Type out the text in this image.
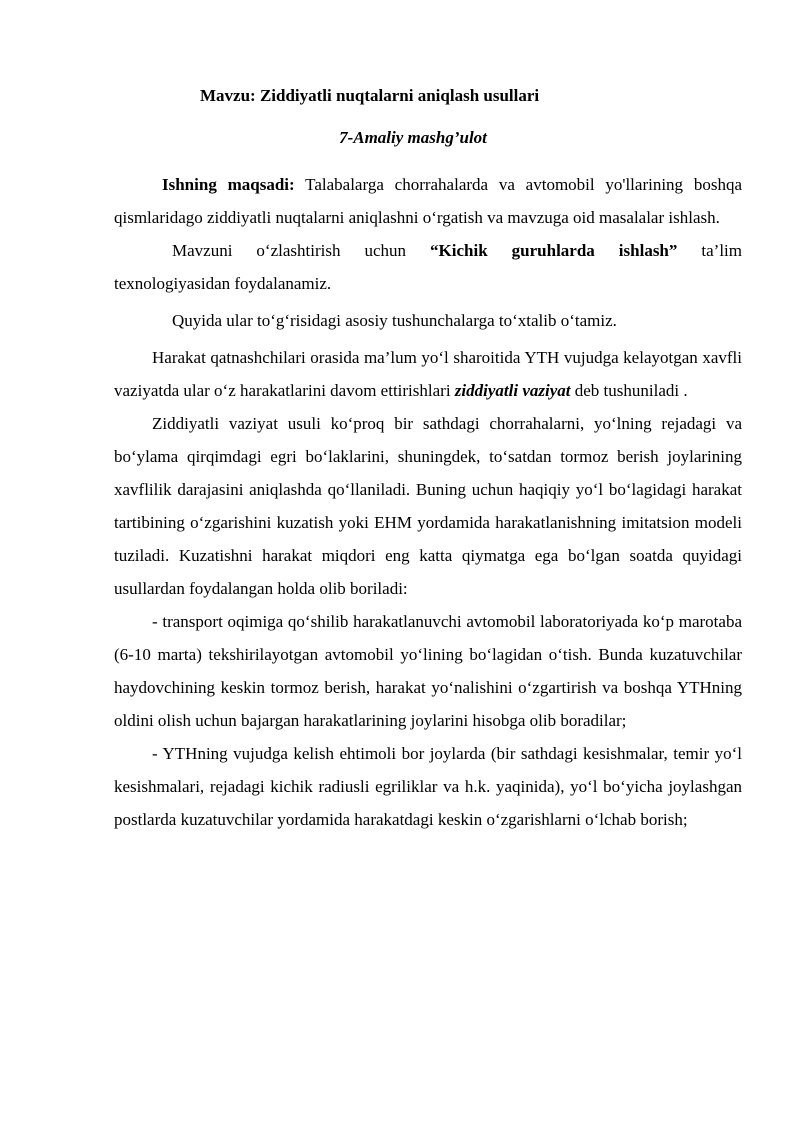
Mavzu: Ziddiyatli nuqtalarni aniqlash usullari
7-Amaliy mashg’ulot

Ishning maqsadi: Talabalarga chorrahalarda va avtomobil yo'llarining boshqa qismlaridago ziddiyatli nuqtalarni aniqlashni o‘rgatish va mavzuga oid masalalar ishlash.

Mavzuni o‘zlashtirish uchun “Kichik guruhlarda ishlash” ta’lim texnologiyasidan foydalanamiz.

Quyida ular to‘g‘risidagi asosiy tushunchalarga to‘xtalib o‘tamiz.

Harakat qatnashchilari orasida ma’lum yo‘l sharoitida YTH vujudga kelayotgan xavfli vaziyatda ular o‘z harakatlarini davom ettirishlari ziddiyatli vaziyat deb tushuniladi .

Ziddiyatli vaziyat usuli ko‘proq bir sathdagi chorrahalarni, yo‘lning rejadagi va bo‘ylama qirqimdagi egri bo‘laklarini, shuningdek, to‘satdan tormoz berish joylarining xavflilik darajasini aniqlashda qo‘llaniladi. Buning uchun haqiqiy yo‘l bo‘lagidagi harakat tartibining o‘zgarishini kuzatish yoki EHM yordamida harakatlanishning imitatsion modeli tuziladi. Kuzatishni harakat miqdori eng katta qiymatga ega bo‘lgan soatda quyidagi usullardan foydalangan holda olib boriladi:

- transport oqimiga qo‘shilib harakatlanuvchi avtomobil laboratoriyada ko‘p marotaba (6-10 marta) tekshirilayotgan avtomobil yo‘lining bo‘lagidan o‘tish. Bunda kuzatuvchilar haydovchining keskin tormoz berish, harakat yo‘nalishini o‘zgartirish va boshqa YTHning oldini olish uchun bajargan harakatlarining joylarini hisobga olib boradilar;

- YTHning vujudga kelish ehtimoli bor joylarda (bir sathdagi kesishmalar, temir yo‘l kesishmalari, rejadagi kichik radiusli egriliklar va h.k. yaqinida), yo‘l bo‘yicha joylashgan postlarda kuzatuvchilar yordamida harakatdagi keskin o‘zgarishlarni o‘lchab borish;
